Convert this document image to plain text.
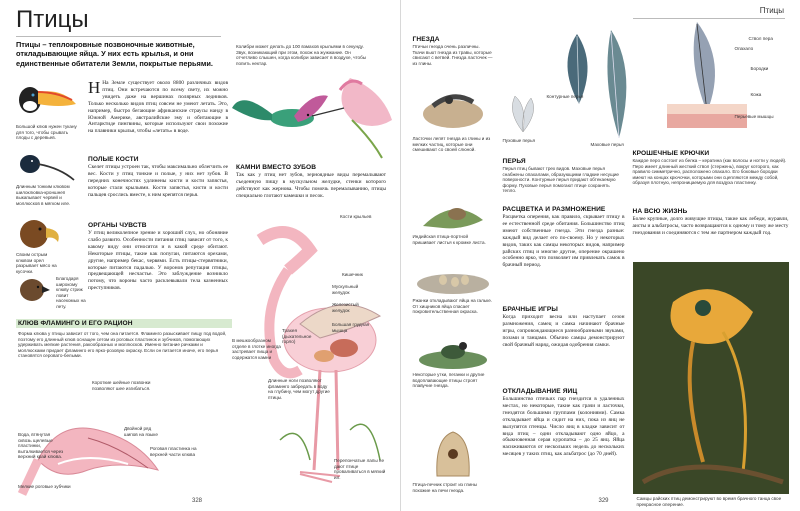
Птицы
Птицы – теплокровные позвоночные животные, откладывающие яйца. У них есть крылья, и они единственные обитатели Земли, покрытые перьями.
Большой клюв нужен тукану для того, чтобы срывать плоды с деревьев.
Длинным тонким клювом шилоклювка-кроншнеп выкапывает червей и моллюсков в мягком иле.
Своим острым клювом орел разрывает мясо на кусочки.
Благодаря широкому клюву стриж ловит насекомых на лету.
Н На Земле существует около 8800 различных видов птиц. Они встречаются по всему свету, их можно увидеть даже на вершинах полярных ледников. Только несколько видов птиц совсем не умеют летать. Это, например, быстро бегающие африканские страусы нанду в Южной Америке, австралийские эму и обитающие в Антарктиде пингвины, которые используют свои похожие на плавники крылья, чтобы «летать» в воде.
ПОЛЫЕ КОСТИ
Скелет птицы устроен так, чтобы максимально облегчить ее вес. Кости у птиц тонкие и полые, у них нет зубов. В передних конечностях удлинены кисти и кости запястья, которые стали крыльями. Кости запястья, кисти и кости пальцев срослись вместе, к ним крепятся перья.
ОРГАНЫ ЧУВСТВ
У птиц великолепное зрение и хороший слух, но обоняние слабо развито. Особенности питания птиц зависят от того, к какому виду они относятся и в какой среде обитают. Некоторые птицы, такие как попугаи, питаются орехами, другие, например бекас, червями. Есть птицы-стервятники, которые питаются падалью. У воронов репутация птицы, предвещающей несчастье. Это заблуждение возникло потому, что вороны часто расклевывали тела казненных преступников.
Колибри может делать до 100 взмахов крыльями в секунду. Звук, возникающий при этом, похож на жужжание. Он отчетливо слышен, когда колибри зависает в воздухе, чтобы попить нектар.
КАМНИ ВМЕСТО ЗУБОВ
Так как у птиц нет зубов, зерноядные виды перемалывают съеденную пищу в мускульном желудке, стенки которого действуют как жернова. Чтобы помочь перемалыванию, птицы специально глотают камешки и песок.
КЛЮВ ФЛАМИНГО И ЕГО РАЦИОН
Форма клюва у птицы зависит от того, чем она питается. Фламинго разыскивает пищу под водой, поэтому его длинный клюв оснащен сетом из роговых пластинок и зубчиков, помогающих удерживать мелкие растения, ракообразных и моллюсков. Именно питание рачками и моллюсками придает фламинго его ярко-розовую окраску. Если он питается иначе, его перья становятся серовато-белыми.
Кости крыльев
Кишечник
Мускульный желудок
Железистый желудок
Большая грудная мышца
Трахея (дыхательное горло)
В мешкообразном отделе в глотке иногда застревает пища и содержатся камни
Длинные ноги позволяют фламинго забредать в воду на глубину, чем могут другие птицы.
Перепончатые лапы не дают птице проваливаться в мягкий ил.
Короткие шейные позвонки позволяют шее изгибаться.
Вода, втянутая сквозь щелевые пластинки, выталкивается через верхний край клюва.
Двойной ряд шипов на языке
Роговая пластинка на верхней части клюва
Мелкие роговые зубчики
328
Птицы
ГНЕЗДА
Птичьи гнезда очень различны. Ткачи вьют гнезда из травы, которые свисают с ветвей. Гнезда ласточек — из глины.
Ласточки лепят гнезда из глины и из мелких частиц, которые они смешивают со своей слюной.
Индийская птица-портной пришивает листья к кромке листа.
Ржанки откладывают яйца на гальке. От хищников яйца спасает покровительственная окраска.
Некоторые утки, пеганки и другие водоплавающие птицы строят плавучие гнезда.
Птица-печник строит из глины похожие на печи гнезда.
Контурные перья
Пуховые перья
Маховые перья
ПЕРЬЯ
Перья птиц бывают трех видов. Маховые перья снабжены опахалами, образующими гладкие несущие поверхности. Контурные перья придают обтекаемую форму. Пуховые перья помогают птице сохранять тепло.
Ствол пера
Опахало
Бородки
Кожа
Перьевые мышцы
КРОШЕЧНЫЕ КРЮЧКИ
Каждое перо состоит из белка – кератина (как волосы и ногти у людей). Перо имеет длинный жесткий ствол (стержень), вокруг которого, как правило симметрично, расположено опахало. Его боковые бородки имеют на концах крючочки, которыми они сцепляются между собой, образуя плотную, непроницаемую для воздуха пластинку.
РАСЦВЕТКА И РАЗМНОЖЕНИЕ
Расцветка оперения, как правило, скрывает птицу в ее естественной среде обитания. Большинство птиц имеют собственные гнезда. Эти гнезда разные: каждый вид делает его по-своему. Но у некоторых видов, таких как самцы некоторых видов, например райских птиц и многие другие, оперение окрашено особенно ярко, что позволяет им привлекать самок в брачный период.
БРАЧНЫЕ ИГРЫ
Когда приходит весна или наступает сезон размножения, самец и самка начинают брачные игры, сопровождающиеся разнообразными звуками, позами и танцами. Обычно самцы демонстрируют свой брачный наряд, ожидая одобрения самки.
ОТКЛАДЫВАНИЕ ЯИЦ
Большинство птичьих пар гнездится в удаленных местах, но некоторые, такие как грачи и ласточки, гнездятся большими группами (колониями). Самка откладывает яйца и сидит на них, пока из яиц не вылупятся птенцы. Число яиц в кладке зависит от вида птиц – одни откладывают одно яйцо, а обыкновенная серая куропатка – до 25 яиц. Яйца насиживаются от нескольких недель до нескольких месяцев у таких птиц, как альбатрос (до 70 дней).
НА ВСЮ ЖИЗНЬ
Более крупные, долго живущие птицы, такие как лебеди, журавли, аисты и альбатросы, часто возвращаются к одному и тому же месту гнездования и соединяются с тем же партнером каждый год.
Самцы райских птиц демонстрируют во время брачного танца свое прекрасное оперение.
329
